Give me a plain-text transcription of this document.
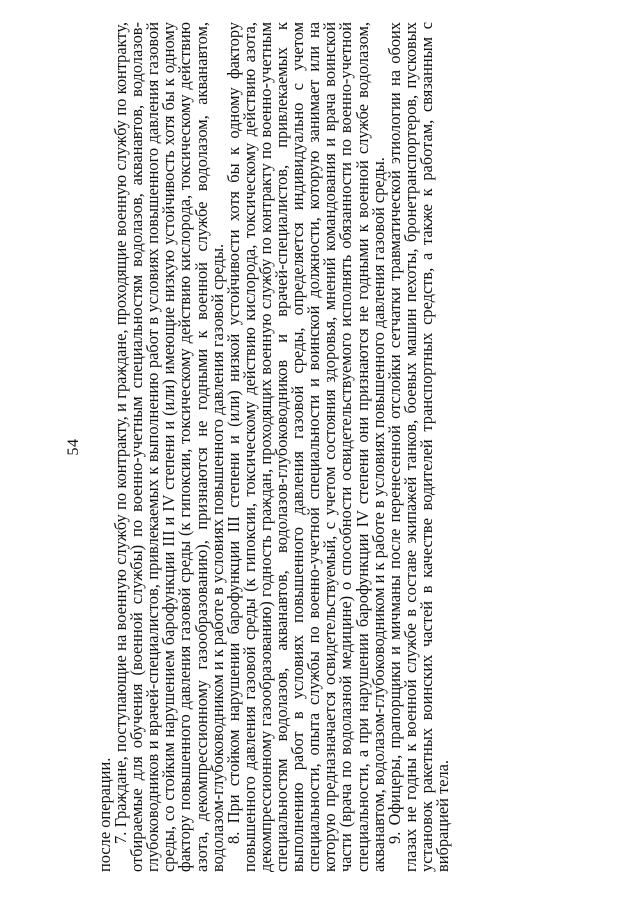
54

после операции.

7. Граждане, поступающие на военную службу по контракту, и граждане, проходящие военную службу по контракту, отбираемые для обучения (военной службы) по военно-учетным специальностям водолазов, акванавтов, водолазов-глубоководников и врачей-специалистов, привлекаемых к выполнению работ в условиях повышенного давления газовой среды, со стойким нарушением барофункции III и IV степени и (или) имеющие низкую устойчивость хотя бы к одному фактору повышенного давления газовой среды (к гипоксии, токсическому действию кислорода, токсическому действию азота, декомпрессионному газообразованию), признаются не годными к военной службе водолазом, акванавтом, водолазом-глубоководником и к работе в условиях повышенного давления газовой среды.

8. При стойком нарушении барофункции III степени и (или) низкой устойчивости хотя бы к одному фактору повышенного давления газовой среды (к гипоксии, токсическому действию кислорода, токсическому действию азота, декомпрессионному газообразованию) годность граждан, проходящих военную службу по контракту по военно-учетным специальностям водолазов, акванавтов, водолазов-глубоководников и врачей-специалистов, привлекаемых к выполнению работ в условиях повышенного давления газовой среды, определяется индивидуально с учетом специальности, опыта службы по военно-учетной специальности и воинской должности, которую занимает или на которую предназначается освидетельствуемый, с учетом состояния здоровья, мнений командования и врача воинской части (врача по водолазной медицине) о способности освидетельствуемого исполнять обязанности по военно-учетной специальности, а при нарушении барофункции IV степени они признаются не годными к военной службе водолазом, акванавтом, водолазом-глубоководником и к работе в условиях повышенного давления газовой среды.

9. Офицеры, прапорщики и мичманы после перенесенной отслойки сетчатки травматической этиологии на обоих глазах не годны к военной службе в составе экипажей танков, боевых машин пехоты, бронетранспортеров, пусковых установок ракетных воинских частей в качестве водителей транспортных средств, а также к работам, связанным с вибрацией тела.
